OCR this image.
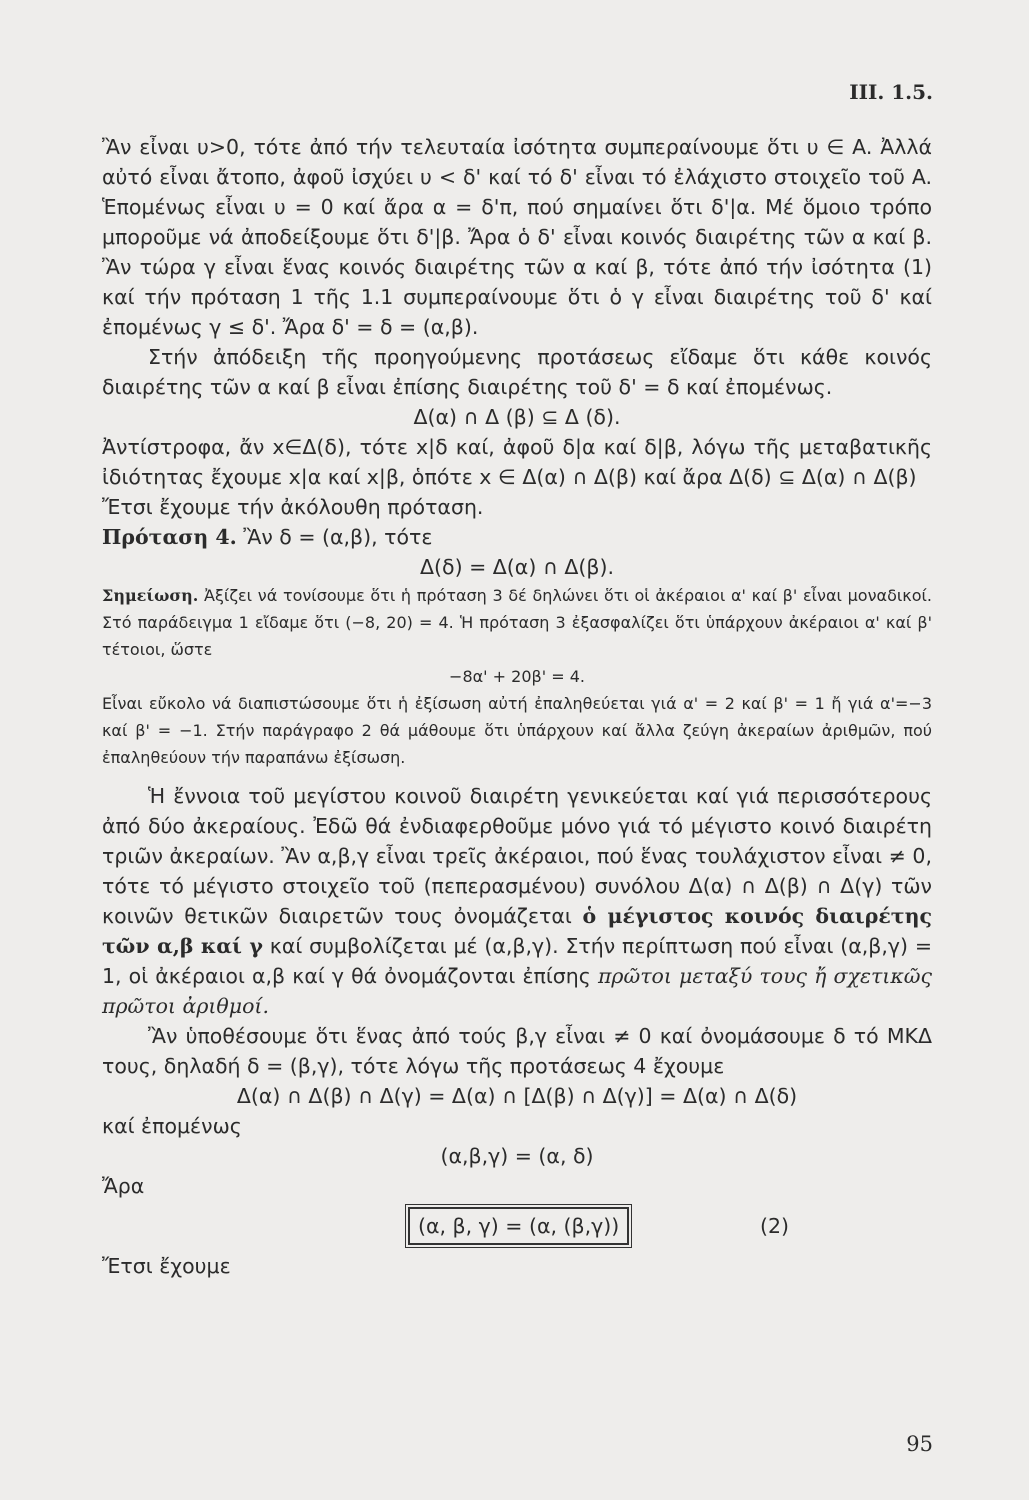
III. 1.5.

Ἂν εἶναι υ>0, τότε ἀπό τήν τελευταία ἰσότητα συμπεραίνουμε ὅτι υ ∈ A. Ἀλλά αὐτό εἶναι ἄτοπο, ἀφοῦ ἰσχύει υ < δ' καί τό δ' εἶναι τό ἐλάχιστο στοιχεῖο τοῦ A. Ἑπομένως εἶναι υ = 0 καί ἄρα α = δ'π, πού σημαίνει ὅτι δ'|α. Μέ ὅμοιο τρόπο μποροῦμε νά ἀποδείξουμε ὅτι δ'|β. Ἄρα ὁ δ' εἶναι κοινός διαιρέτης τῶν α καί β. Ἂν τώρα γ εἶναι ἕνας κοινός διαιρέτης τῶν α καί β, τότε ἀπό τήν ἰσότητα (1) καί τήν πρόταση 1 τῆς 1.1 συμπεραίνουμε ὅτι ὁ γ εἶναι διαιρέτης τοῦ δ' καί ἐπομένως γ ≤ δ'. Ἄρα δ' = δ = (α,β).

Στήν ἀπόδειξη τῆς προηγούμενης προτάσεως εἴδαμε ὅτι κάθε κοινός διαιρέτης τῶν α καί β εἶναι ἐπίσης διαιρέτης τοῦ δ' = δ καί ἐπομένως.

Δ(α) ∩ Δ (β) ⊆ Δ (δ).

Ἀντίστροφα, ἄν x∈Δ(δ), τότε x|δ καί, ἀφοῦ δ|α καί δ|β, λόγω τῆς μεταβατικῆς ἰδιότητας ἔχουμε x|α καί x|β, ὁπότε x ∈ Δ(α) ∩ Δ(β) καί ἄρα Δ(δ) ⊆ Δ(α) ∩ Δ(β)

Ἔτσι ἔχουμε τήν ἀκόλουθη πρόταση.

Πρόταση 4. Ἂν δ = (α,β), τότε

Δ(δ) = Δ(α) ∩ Δ(β).

Σημείωση. Ἀξίζει νά τονίσουμε ὅτι ἡ πρόταση 3 δέ δηλώνει ὅτι οἱ ἀκέραιοι α' καί β' εἶναι μοναδικοί. Στό παράδειγμα 1 εἴδαμε ὅτι (−8, 20) = 4. Ἡ πρόταση 3 ἐξασφαλίζει ὅτι ὑπάρχουν ἀκέραιοι α' καί β' τέτοιοι, ὥστε

−8α' + 20β' = 4.

Εἶναι εὔκολο νά διαπιστώσουμε ὅτι ἡ ἐξίσωση αὐτή ἐπαληθεύεται γιά α' = 2 καί β' = 1 ἤ γιά α'=−3 καί β' = −1. Στήν παράγραφο 2 θά μάθουμε ὅτι ὑπάρχουν καί ἄλλα ζεύγη ἀκεραίων ἀριθμῶν, πού ἐπαληθεύουν τήν παραπάνω ἐξίσωση.

Ἡ ἔννοια τοῦ μεγίστου κοινοῦ διαιρέτη γενικεύεται καί γιά περισσότερους ἀπό δύο ἀκεραίους. Ἐδῶ θά ἐνδιαφερθοῦμε μόνο γιά τό μέγιστο κοινό διαιρέτη τριῶν ἀκεραίων. Ἂν α,β,γ εἶναι τρεῖς ἀκέραιοι, πού ἕνας τουλάχιστον εἶναι ≠ 0, τότε τό μέγιστο στοιχεῖο τοῦ (πεπερασμένου) συνόλου Δ(α) ∩ Δ(β) ∩ Δ(γ) τῶν κοινῶν θετικῶν διαιρετῶν τους ὀνομάζεται ὁ μέγιστος κοινός διαιρέτης τῶν α,β καί γ καί συμβολίζεται μέ (α,β,γ). Στήν περίπτωση πού εἶναι (α,β,γ) = 1, οἱ ἀκέραιοι α,β καί γ θά ὀνομάζονται ἐπίσης πρῶτοι μεταξύ τους ἤ σχετικῶς πρῶτοι ἀριθμοί.

Ἂν ὑποθέσουμε ὅτι ἕνας ἀπό τούς β,γ εἶναι ≠ 0 καί ὀνομάσουμε δ τό ΜΚΔ τους, δηλαδή δ = (β,γ), τότε λόγω τῆς προτάσεως 4 ἔχουμε

Δ(α) ∩ Δ(β) ∩ Δ(γ) = Δ(α) ∩ [Δ(β) ∩ Δ(γ)] = Δ(α) ∩ Δ(δ)

καί ἐπομένως

(α,β,γ) = (α, δ)

Ἄρα

(α, β, γ) = (α, (β,γ))	(2)

Ἔτσι ἔχουμε

95
